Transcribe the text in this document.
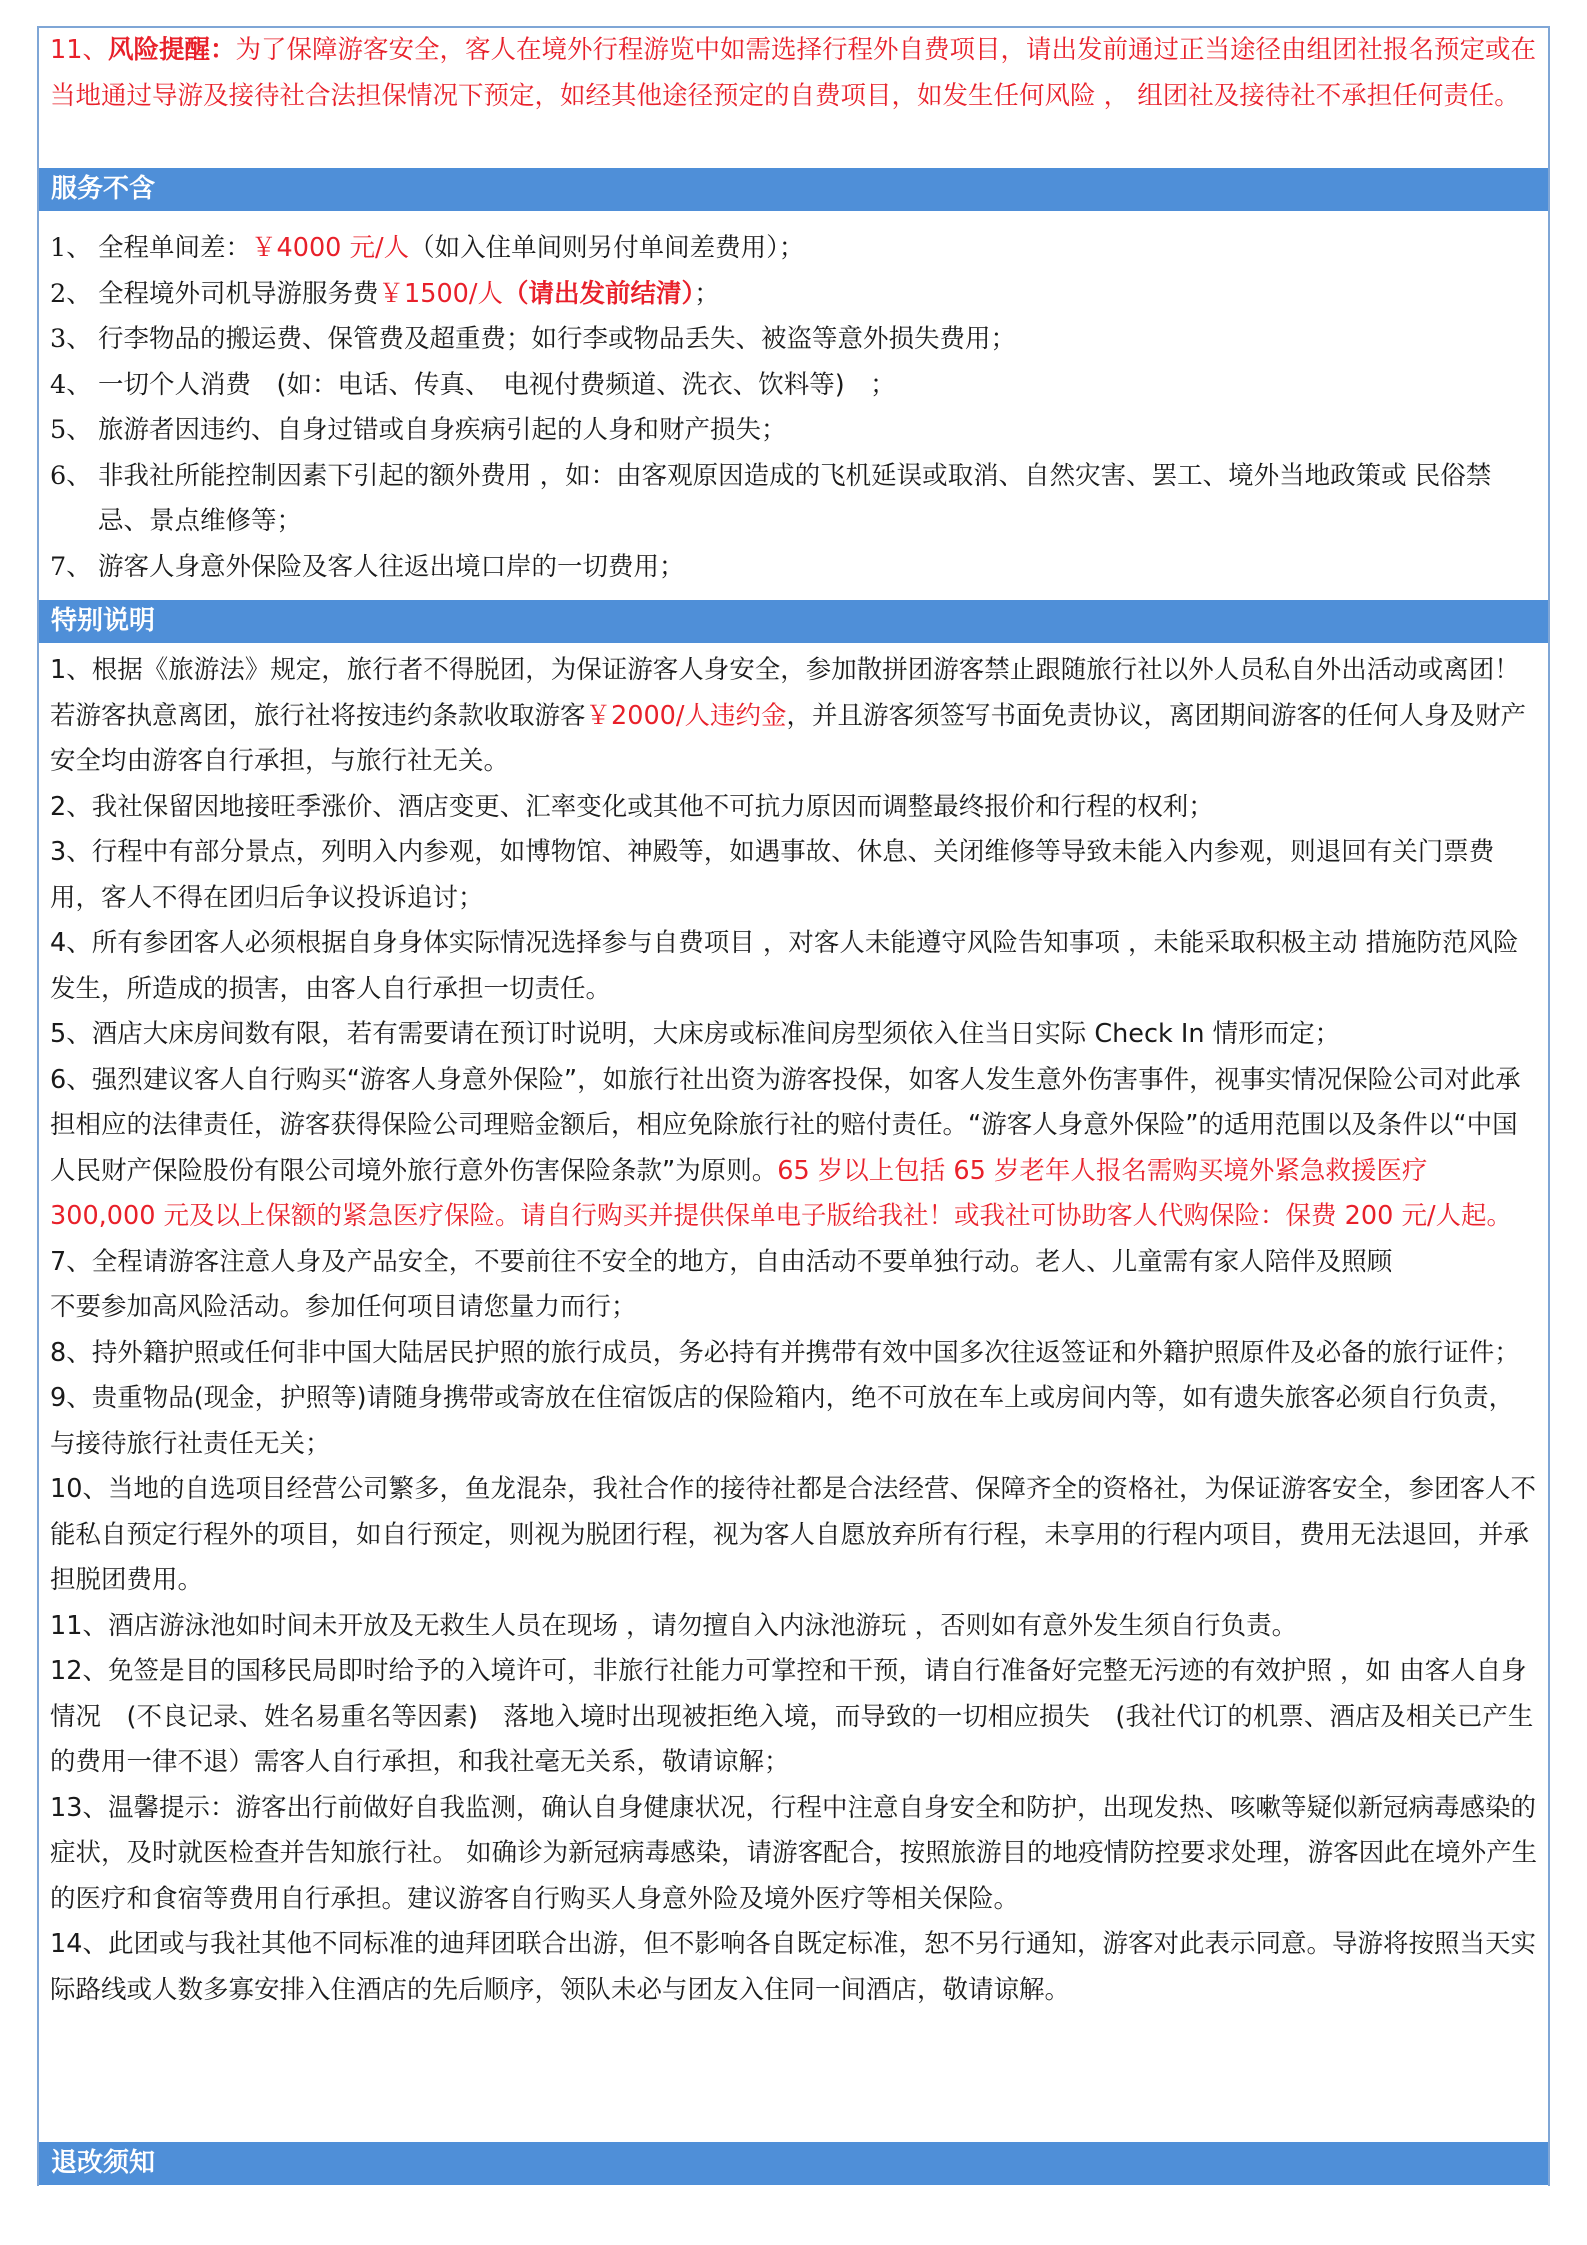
11、风险提醒：为了保障游客安全，客人在境外行程游览中如需选择行程外自费项目，请出发前通过正当途径由组团社报名预定或在当地通过导游及接待社合法担保情况下预定，如经其他途径预定的自费项目，如发生任何风险 ， 组团社及接待社不承担任何责任。
服务不含
1、 全程单间差：￥4000 元/人（如入住单间则另付单间差费用）；
2、 全程境外司机导游服务费￥1500/人（请出发前结清）；
3、 行李物品的搬运费、保管费及超重费；如行李或物品丢失、被盗等意外损失费用；
4、 一切个人消费　(如：电话、传真、　电视付费频道、洗衣、饮料等)　；
5、 旅游者因违约、自身过错或自身疾病引起的人身和财产损失；
6、 非我社所能控制因素下引起的额外费用 ，如：由客观原因造成的飞机延误或取消、自然灾害、罢工、境外当地政策或 民俗禁忌、景点维修等；
7、 游客人身意外保险及客人往返出境口岸的一切费用；
特别说明

1、根据《旅游法》规定，旅行者不得脱团，为保证游客人身安全，参加散拼团游客禁止跟随旅行社以外人员私自外出活动或离团！若游客执意离团，旅行社将按违约条款收取游客￥2000/人违约金，并且游客须签写书面免责协议，离团期间游客的任何人身及财产安全均由游客自行承担，与旅行社无关。

2、我社保留因地接旺季涨价、酒店变更、汇率变化或其他不可抗力原因而调整最终报价和行程的权利；

3、行程中有部分景点，列明入内参观，如博物馆、神殿等，如遇事故、休息、关闭维修等导致未能入内参观，则退回有关门票费用，客人不得在团归后争议投诉追讨；

4、所有参团客人必须根据自身身体实际情况选择参与自费项目 ，对客人未能遵守风险告知事项 ，未能采取积极主动 措施防范风险发生，所造成的损害，由客人自行承担一切责任。

5、酒店大床房间数有限，若有需要请在预订时说明，大床房或标准间房型须依入住当日实际 Check In 情形而定；

6、强烈建议客人自行购买“游客人身意外保险”，如旅行社出资为游客投保，如客人发生意外伤害事件，视事实情况保险公司对此承担相应的法律责任，游客获得保险公司理赔金额后，相应免除旅行社的赔付责任。“游客人身意外保险”的适用范围以及条件以“中国人民财产保险股份有限公司境外旅行意外伤害保险条款”为原则。65 岁以上包括 65 岁老年人报名需购买境外紧急救援医疗 300,000 元及以上保额的紧急医疗保险。请自行购买并提供保单电子版给我社！或我社可协助客人代购保险：保费 200 元/人起。

7、全程请游客注意人身及产品安全，不要前往不安全的地方，自由活动不要单独行动。老人、儿童需有家人陪伴及照顾

不要参加高风险活动。参加任何项目请您量力而行；

8、持外籍护照或任何非中国大陆居民护照的旅行成员，务必持有并携带有效中国多次往返签证和外籍护照原件及必备的旅行证件；

9、贵重物品(现金，护照等)请随身携带或寄放在住宿饭店的保险箱内，绝不可放在车上或房间内等，如有遗失旅客必须自行负责，与接待旅行社责任无关；

10、当地的自选项目经营公司繁多，鱼龙混杂，我社合作的接待社都是合法经营、保障齐全的资格社，为保证游客安全，参团客人不能私自预定行程外的项目，如自行预定，则视为脱团行程，视为客人自愿放弃所有行程，未享用的行程内项目，费用无法退回，并承担脱团费用。

11、酒店游泳池如时间未开放及无救生人员在现场 ，请勿擅自入内泳池游玩 ，否则如有意外发生须自行负责。

12、免签是目的国移民局即时给予的入境许可，非旅行社能力可掌控和干预，请自行准备好完整无污迹的有效护照 ，如 由客人自身情况　(不良记录、姓名易重名等因素)　落地入境时出现被拒绝入境，而导致的一切相应损失　(我社代订的机票、酒店及相关已产生的费用一律不退）需客人自行承担，和我社毫无关系，敬请谅解；

13、温馨提示：游客出行前做好自我监测，确认自身健康状况，行程中注意自身安全和防护，出现发热、咳嗽等疑似新冠病毒感染的症状，及时就医检查并告知旅行社。 如确诊为新冠病毒感染，请游客配合，按照旅游目的地疫情防控要求处理，游客因此在境外产生的医疗和食宿等费用自行承担。建议游客自行购买人身意外险及境外医疗等相关保险。

14、此团或与我社其他不同标准的迪拜团联合出游，但不影响各自既定标准，恕不另行通知，游客对此表示同意。导游将按照当天实际路线或人数多寡安排入住酒店的先后顺序，领队未必与团友入住同一间酒店，敬请谅解。

退改须知
